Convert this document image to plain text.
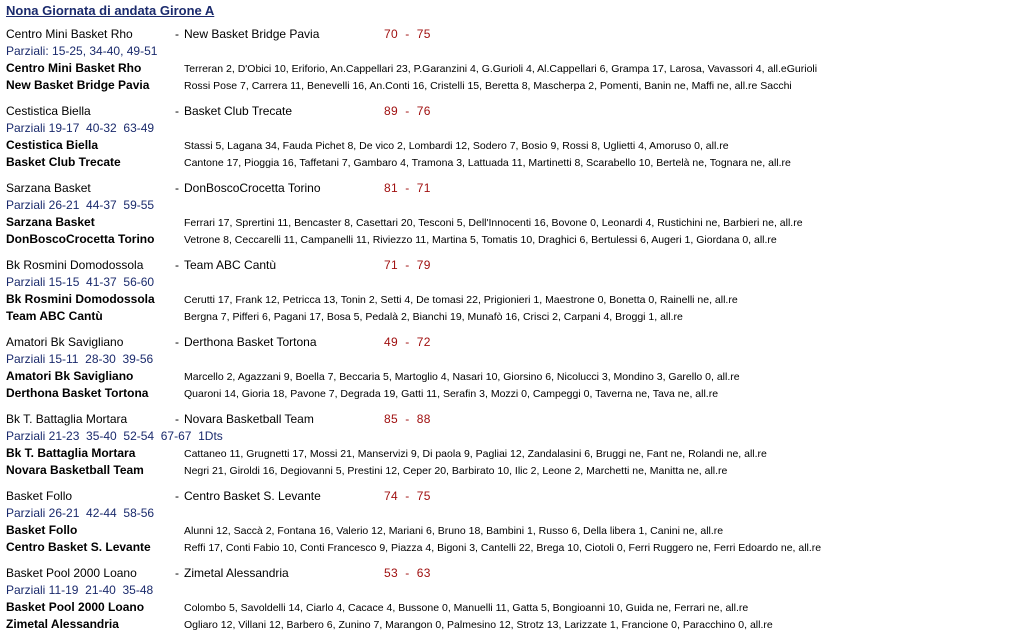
Nona Giornata di andata Girone A
Centro Mini Basket Rho	- New Basket Bridge Pavia	70  -  75
Parziali: 15-25, 34-40, 49-51
Centro Mini Basket Rho	Terreran 2, D'Obici 10, Eriforio, An.Cappellari 23, P.Garanzini 4, G.Gurioli 4, Al.Cappellari 6, Grampa 17, Larosa, Vavassori 4, all.eGurioli
New Basket Bridge Pavia	Rossi Pose 7, Carrera 11, Benevelli 16, An.Conti 16, Cristelli 15, Beretta 8, Mascherpa 2, Pomenti, Banin ne, Maffi ne, all.re Sacchi
Cestistica Biella	- Basket Club Trecate	89  -  76
Parziali 19-17  40-32  63-49
Cestistica Biella	Stassi 5, Lagana 34, Fauda Pichet 8, De vico 2, Lombardi 12, Sodero 7, Bosio 9, Rossi 8, Uglietti 4, Amoruso 0, all.re
Basket Club Trecate	Cantone 17, Pioggia 16, Taffetani 7, Gambaro 4, Tramona 3, Lattuada 11, Martinetti 8, Scarabello 10, Bertelà ne, Tognara ne, all.re
Sarzana Basket	- DonBoscoCrocetta Torino	81  -  71
Parziali 26-21  44-37  59-55
Sarzana Basket	Ferrari 17, Sprertini 11, Bencaster 8, Casettari 20, Tesconi 5, Dell'Innocenti 16, Bovone 0, Leonardi 4, Rustichini ne, Barbieri ne, all.re
DonBoscoCrocetta Torino	Vetrone 8, Ceccarelli 11, Campanelli 11, Riviezzo 11, Martina 5, Tomatis 10, Draghici 6, Bertulessi 6, Augeri 1, Giordana 0, all.re
Bk Rosmini Domodossola	- Team ABC Cantù	71  -  79
Parziali 15-15  41-37  56-60
Bk Rosmini Domodossola	Cerutti 17, Frank 12, Petricca 13, Tonin 2, Setti 4, De tomasi 22, Prigionieri 1, Maestrone 0, Bonetta 0, Rainelli ne, all.re
Team ABC Cantù	Bergna 7, Pifferi 6, Pagani 17, Bosa 5, Pedalà 2, Bianchi 19, Munafò 16, Crisci 2, Carpani 4, Broggi 1, all.re
Amatori Bk Savigliano	- Derthona Basket Tortona	49  -  72
Parziali 15-11  28-30  39-56
Amatori Bk Savigliano	Marcello 2, Agazzani 9, Boella 7, Beccaria 5, Martoglio 4, Nasari 10, Giorsino 6, Nicolucci 3, Mondino 3, Garello 0, all.re
Derthona Basket Tortona	Quaroni 14, Gioria 18, Pavone 7, Degrada 19, Gatti 11, Serafin 3, Mozzi 0, Campeggi 0, Taverna ne, Tava ne, all.re
Bk T. Battaglia Mortara	- Novara Basketball Team	85  -  88
Parziali 21-23  35-40  52-54  67-67  1Dts
Bk T. Battaglia Mortara	Cattaneo 11, Grugnetti 17, Mossi 21, Manservizi 9, Di paola 9, Pagliai 12, Zandalasini 6, Bruggi ne, Fant ne, Rolandi ne, all.re
Novara Basketball Team	Negri 21, Giroldi 16, Degiovanni 5, Prestini 12, Ceper 20, Barbirato 10, Ilic 2, Leone 2, Marchetti ne, Manitta ne, all.re
Basket Follo	- Centro Basket S. Levante	74  -  75
Parziali 26-21  42-44  58-56
Basket Follo	Alunni 12, Saccà 2, Fontana 16, Valerio 12, Mariani 6, Bruno 18, Bambini 1, Russo 6, Della libera 1, Canini ne, all.re
Centro Basket S. Levante	Reffi 17, Conti Fabio 10, Conti Francesco 9, Piazza 4, Bigoni 3, Cantelli 22, Brega 10, Ciotoli 0, Ferri Ruggero ne, Ferri Edoardo ne, all.re
Basket Pool 2000 Loano	- Zimetal Alessandria	53  -  63
Parziali 11-19  21-40  35-48
Basket Pool 2000 Loano	Colombo 5, Savoldelli 14, Ciarlo 4, Cacace 4, Bussone 0, Manuelli 11, Gatta 5, Bongioanni 10, Guida ne, Ferrari ne, all.re
Zimetal Alessandria	Ogliaro 12, Villani 12, Barbero 6, Zunino 7, Marangon 0, Palmesino 12, Strotz 13, Larizzate 1, Francione 0, Paracchino 0, all.re
